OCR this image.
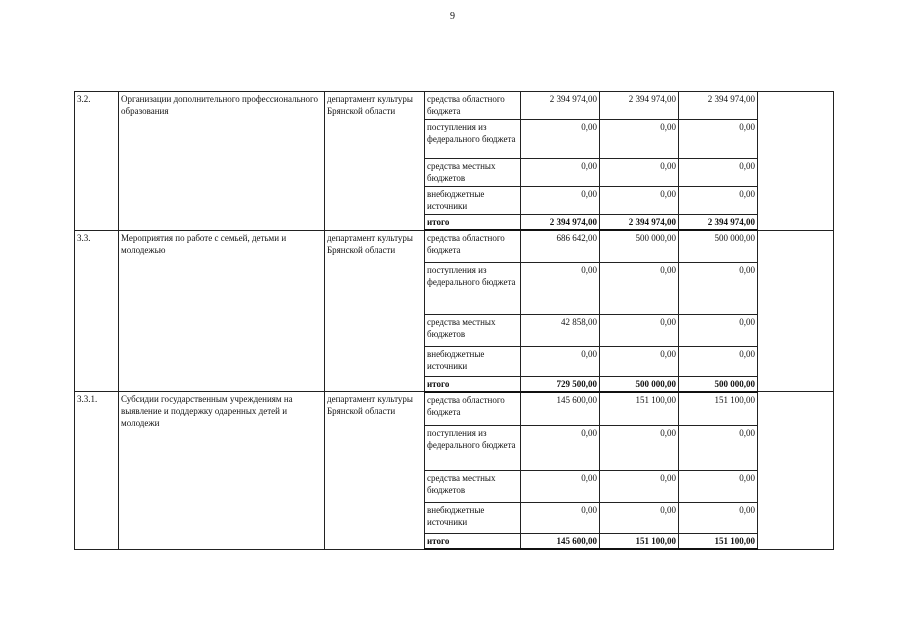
9
3.2.	Организации дополнительного профессионального образования	департамент культуры Брянской области	средства областного бюджета	2 394 974,00	2 394 974,00	2 394 974,00	
			поступления из федерального бюджета	0,00	0,00	0,00	
			средства местных бюджетов	0,00	0,00	0,00	
			внебюджетные источники	0,00	0,00	0,00	
			итого	2 394 974,00	2 394 974,00	2 394 974,00	
3.3.	Мероприятия по работе с семьей, детьми и молодежью	департамент культуры Брянской области	средства областного бюджета	686 642,00	500 000,00	500 000,00	
			поступления из федерального бюджета	0,00	0,00	0,00	
			средства местных бюджетов	42 858,00	0,00	0,00	
			внебюджетные источники	0,00	0,00	0,00	
			итого	729 500,00	500 000,00	500 000,00	
3.3.1.	Субсидии государственным учреждениям на выявление и поддержку одаренных детей и молодежи	департамент культуры Брянской области	средства областного бюджета	145 600,00	151 100,00	151 100,00	
			поступления из федерального бюджета	0,00	0,00	0,00	
			средства местных бюджетов	0,00	0,00	0,00	
			внебюджетные источники	0,00	0,00	0,00	
			итого	145 600,00	151 100,00	151 100,00	
